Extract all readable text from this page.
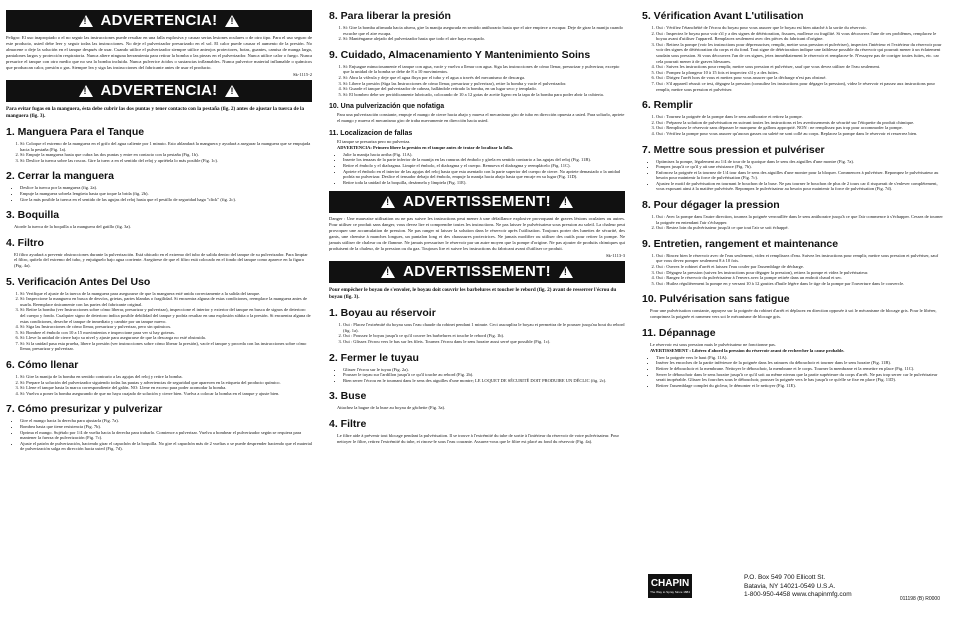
!
ADVERTENCIA!
!

Peligro: El uso inapropiado o el no seguir las instrucciones puede resultar en una falla explosiva y causar serias lesiones oculares o de otro tipo. Para el uso seguro de este producto, usted debe leer y seguir todas las instrucciones. No deje el pulverizador presurizado en el sol. El calor puede causar el aumento de la presión. No almacene o deje la solución en el tanque después de usar. Cuando utilice el pulverizador siempre utilice anteojos protectores, botas, guantes, camisa de manga larga, pantalones largos y protección respiratoria. Nunca altere ninguna herramienta para retirar la bomba o las piezas en el pulverizador. Nunca utilice calor o fuego. Nunca presurice el tanque con otro medio que no sea la bomba incluida. Nunca pulverice ácidos o sustancias inflamables. Nunca pulverice material inflamable o químicos que produzcan calor, presión o gas. Siempre lea y siga las instrucciones del fabricante antes de usar el producto.

Sk-1115-2
!
ADVERTENCIA!
!

Para evitar fugas en la manguera, ésta debe cubrir las dos puntas y tener contacto con la pestaña (fig. 2) antes de ajustar la tuerca de la manguera (fig. 3).

1. Manguera Para el Tanque
1. Sí: Coloque el extremo de la manguera en el grifo del agua caliente por 1 minuto. Esto ablandará la manguera y ayudará a asegurar la manguera que se empujada hacia la pestaña (Fig. 1a).
2. Sí: Empuje la manguera hasta que cubra las dos puntas y entre en contacto con la pestaña (Fig. 1b).
3. Sí: Deslice la tuerca sobre las roscas. Gire la tuerc a en el sentido del reloj y apriétela lo más posible (Fig. 1c).
2. Cerrar la manguera
• Deslice la tuerca por la manguera (fig. 2a).
• Empuje la manguera sobrela lengüeta hasta que toque la brida (fig. 2b).
• Gire la más posible la tuerca en el sentido de las agujas del reloj hasta que el pestillo de seguridad haga "click" (fig. 2c).
3. Boquilla

Atorde la tuerca de la boquilla a la manguera del gatillo (fig. 3a).

4. Filtro

El filtro ayudará a prevenir obstrucciones durante la pulverización. Está ubicado en el extremo del tubo de salida dentro del tanque de su pulverizador. Para limpiar el filtro, quítelo del extremo del tubo, y enjuáguelo bajo agua corriente. Asegúrese de que el filtro está colocado en el fondo del tanque como aparece en la figura (Fig. 4a).

5. Verificación Antes Del Uso
1. Sí: Verifique el ajuste de la tuerca de la manguera para asegurarse de que la manguera esté unida correctamente a la salida del tanque.
2. Sí: Inspeccione la manguera en busca de desvíos, grietas, partes blandas o fragilidad. Si encuentra alguna de estas condiciones, reemplace la manguera antes de usarla. Reemplace únicamente con las partes del fabricante original.
3. Sí: Retire la bomba (ver Instrucciones sobre cómo liberar, presurizar y pulverizar), inspeccione el interior y exterior del tanque en busca de signos de deterioro del cuerpo y fondo. Cualquier signo de deterioro indica posible debilidad del tanque y podría resultar en una explosión súbita o la presión. Si encuentra alguna de estas condiciones, deseche el tanque de inmediato y cambie por un tanque nuevo.
4. Sí: Siga las Instrucciones de cómo llenar, presurizar y pulverizar, pero sin químicos.
5. Sí: Bombee el émbolo con 10 a 15 movimientos e inspeccione para ver si hay goteras.
6. Sí: Lleve la unidad de cierre bajo su nivel y ajuste para asegurarse de que la descarga no esté obstruida.
7. Sí: Si la unidad pasa esta prueba, libere la presión (ver instrucciones sobre cómo liberar la presión), vacíe el tanque y proceda con las instrucciones sobre cómo llenar, presurizar y pulverizar.
6. Cómo llenar
1. Sí: Gire la manija de la bomba en sentido contrario a las agujas del reloj y retire la bomba.
2. Sí: Prepare la solución del pulverizador siguiendo todas las pautas y advertencias de seguridad que aparecen en la etiqueta del producto químico.
3. Sí: Llene el tanque hasta la marca correspondiente del galón. NO: Llene en exceso para poder acomodar la bomba.
4. Sí: Vuelva a poner la bomba asegurando de que no haya cuajado de solución y cierre bien. Vuelva a colocar la bomba en el tanque y ajuste bien.
7. Cómo presurizar y pulverizar
• Gire el mango hacia la derecha para ajustarla (Fig. 7a).
• Bombea hasta que tiene resistencia (Fig. 7b).
• Oprima el mango. Sujétalo por 1/4 de vuelta hacia la derecha para trabarlo. Comience a pulverizar. Vuelva a bombear el pulverizador según se requiera para mantener la fuerza de pulverización (Fig. 7c).
• Ajuste el patrón de pulverización, haciendo girar el capuchón de la boquilla. No gire el capuchón más de 2 vueltas o se puede desprender haciendo que el material de pulverización salga en dirección hacia usted (Fig. 7d).
8. Para liberar la presión
1. Sí: Gire la bomba afirmada hacia afuera, gire la manija asegurada en sentido antihorario hasta que el aire empiece a escapar. Deje de girar la manija cuando escuche que el aire escapa.
2. Sí: Manténgame alejado del pulverizador hasta que todo el aire haya escapado.
9. Cuidado, Almacenamiento Y Mantenimiento Soins
1. Sí: Enjuague minuciosamente el tanque con agua, vacíe y vuelva a llenar con agua. Siga las instrucciones de cómo llenar, presurizar y pulverizar, excepto que la unidad de la bomba se debe de 8 a 10 movimientos.
2. Sí: Abra la válvula y deje que el agua fluya por el tubo y el agua a través del mecanismo de descarga.
3. Sí: Libere la presión (Siga las Instrucciones de cómo llenar, presurizar y pulverizar), retire la bomba y vacíe el pulverizador.
4. Sí: Guarde el tanque del pulverizador de cabeza, hallándole retirado la bomba, en un lugar seco y templado.
5. Sí: El bombeo debe ser periódicamente lubricado, colocando de 10 a 12 gotas de aceite ligero en la tapa de la bomba para poder abrir la cubierta.
10. Una pulverización que nofatiga

Para una pulverización constante, empuje el mango de cierre hacia abajo y mueva el mecanismo giro de tubo en dirección opuesta a usted. Para soltarlo, apriete el mango y mueva el mecanismo giro de traba nuevamente en dirección hacia usted.

11. Localizacion de fallas

El tanque se presuriza pero no pulveriza.

ADVERTENCIA: Primero libere la presión en el tanque antes de tratar de localizar la falla.

• Julie la manija hacia arriba (Fig. 11A).
• Inserte los tenazas de la parte inferior de la manija en las ranuras del émbolo y gírela en sentido contrario a las agujas del reloj (Fig. 11B).
• Retire el émbolo y el diafragma. Limpie el émbolo, el diafragma y el cuerpo. Remueva el diafragma y reemplácelo (Fig. 11C).
• Apriete el émbolo en el interior de las agujas del reloj hasta que esta asentado con la parte superior del cuerpo de cierre. No apriete demasiado o la unidad podría no pulverizar. Deslice el tensador debajo del émbolo, empuje la manija hacia abajo hasta que encaje en su lugar (Fig. 11D).
• Retire toda la unidad de la boquilla, desármela y límpiela (Fig. 11E).
!
ADVERTISSEMENT!
!

Danger : Une mauvaise utilisation ou ne pas suivre les instructions peut mener à une défaillance explosive provoquant de graves lésions oculaires ou autres. Pour utiliser ce produit sans danger, vous devez lire et comprendre toutes les instructions. Ne pas laisser le pulvérisateur sous pression au soleil. La chaleur peut provoquer une accumulation de pression. Ne pas ranger ni laisser la solution dans le réservoir après l'utilisation. Toujours porter des lunettes de sécurité, des gants, une chemise à manches longues, un pantalon long et des chaussures protectrices. Ne jamais modifier ou utiliser des outils pour retirer la pompe. Ne jamais utiliser de chaleur ou de flamme. Ne jamais pressuriser le réservoir par un autre moyen que la pompe d'origine. Ne pas ajouter de produits chimiques qui produisent de la chaleur, de la pression ou du gaz. Toujours lire et suivre les instructions du fabricant avant d'utiliser ce produit.

Sk-1113-3
!
ADVERTISSEMENT!
!

Pour empêcher le boyau de s'envoler, le boyau doit couvrir les barbelures et toucher le rebord (fig. 2) avant de resserrer l'écrou du boyau (fig. 3).

1. Boyau au réservoir
1. Oui : Placez l'extrémité du boyau sous l'eau chaude du robinet pendant 1 minute. Ceci assouplira le boyau et permettra de le pousser jusqu'au bout du rebord (fig. 1a).
2. Oui : Poussez le boyau jusqu'à ce qu'il couvre les barbelures et touche le rebord (Fig. 1b).
3. Oui : Glissez l'écrou vers le bas sur les filets. Tournez l'écrou dans le sens horaire aussi serré que possible (Fig. 1c).
2. Fermer le tuyau
• Glisser l'écrou sur le tuyau (Fig. 2a).
• Pousser le tuyau sur l'ardillon jusqu'à ce qu'il touche au rebord (Fig. 2b).
• Bien serrer l'écrou en le tournant dans le sens des aiguilles d'une montre; LE LOQUET DE SÉCURITÉ DOIT PRODUIRE UN DÉCLIC (fig. 2c).
3. Buse

Attachez la bague de la buse au boyau de gâchette (Fig. 3a).

4. Filtre

Le filtre aide à prévenir tout blocage pendant la pulvérisation. Il se trouve à l'extrémité du tube de sortie à l'intérieur du réservoir de votre pulvérisateur. Pour nettoyer le filtre, retirez l'extrémité du tube, et rincez-le sous l'eau courante. Assurez-vous que le filtre est placé au fond du réservoir (Fig. 4a).

5. Vérification Avant L'utilisation
1. Oui : Vérifiez l'étanchéité de l'écrou du boyau pour vous assurer que le boyau est bien attaché à la sortie du réservoir.
2. Oui : Inspectez le boyau pour voir s'il y a des signes de détérioration, fissures, mollesse ou fragilité. Si vous découvrez l'une de ces problèmes, remplacez le boyau avant d'utiliser l'appareil. Remplacez seulement avec des pièces du fabricant d'origine.
3. Oui : Retirez la pompe (voir les instructions pour dépressuriser, remplir, mettre sous pression et pulvériser), inspectez l'intérieur et l'extérieur du réservoir pour voir des signes de détérioration du corps et du fond. Tout signe de détérioration indique une faiblesse possible du réservoir qui pourrait mener à un éclatement soudain sous pression. Si vous découvrez l'un de ces signes, jetez immédiatement le réservoir et remplacez-le. N'essayez pas de corriger toutes fuites, etc. car cela pourrait mener à de graves blessures.
4. Oui : Suivez les instructions pour remplir, mettre sous pression et pulvériser, sauf que vous devez utiliser de l'eau seulement.
5. Oui : Pompez la plongeur 10 à 15 fois et inspectez s'il y a des fuites.
6. Oui : Dirigez l'arrêt hors de vous et mettez pour vous assurer que la décharge n'est pas obstrué.
7. Oui : S'il appareil réussit ce test, dégagez la pression (consultez les instructions pour dégager la pression), videz le réservoir et passez aux instructions pour remplir, mettre sous pression et pulvériser.
6. Remplir
1. Oui : Tournez la poignée de la pompe dans le sens antihoraire et retirez la pompe.
2. Oui : Préparez la solution de pulvérisation en suivant toutes les instructions et les avertissements de sécurité sur l'étiquette du produit chimique.
3. Oui : Remplissez le réservoir sans dépasser le marqueur de gallons approprié. NON : ne remplissez pas trop pour accommoder la pompe.
4. Oui : Vérifiez la pompe pour vous assurer qu'aucun gasses ou saleté ne sont collé au corps. Replacez la pompe dans le réservoir et resserrez bien.
7. Mettre sous pression et pulvériser
• Optimisez la pompe, légalement au 1/4 de tour de la quoique dans le sens des aiguilles d'une montre (Fig. 7a).
• Pompez jusqu'à ce qu'il y ait une résistance (Fig. 7b).
• Enfoncez la poignée et la tournez de 1/4 tour dans le sens des aiguilles d'une montre pour la bloquer. Commencez à pulvériser. Repompez le pulvérisateur au besoin pour maintenir la force de pulvérisation (Fig. 7c).
• Ajustez le motif de pulvérisation en tournant le bouchon de la buse. Ne pas tourner le bouchon de plus de 2 tours car il risquerait de s'enlever complètement, vous exposant ainsi à la matière pulvérisée. Repompez le pulvérisateur au besoin pour maintenir la force de pulvérisation (Fig. 7d).
8. Pour dégager la pression
1. Oui : Avec la pompe dans l'autre direction, tournez la poignée verrouillée dans le sens antihoraire jusqu'à ce que l'air commence à s'échapper. Cessez de tourner la poignée en entendant l'air s'échapper.
2. Oui : Restez loin du pulvérisateur jusqu'à ce que tout l'air se soit échappé.
9. Entretien, rangement et maintenance
1. Oui : Rincez bien le réservoir avec de l'eau seulement, videz et remplissez d'eau. Suivez les instructions pour remplir, mettre sous pression et pulvériser, sauf que vous devez pomper seulement 8 à 10 fois.
2. Oui : Ouvrez le robinet d'arrêt et laissez l'eau couler par l'assemblage de décharge.
3. Oui : Dégagez la pression (suivez les instructions pour dégager la pression), retirez la pompe et videz le pulvérisateur.
4. Oui : Rangez le réservoir du pulvérisateur à l'envers avec la pompe retirée dans un endroit chaud et sec.
5. Oui : Huilez régulièrement la pompe en y versant 10 à 12 gouttes d'huile légère dans le tige de la pompe par l'ouverture dans le couvercle.
10. Pulvérisation sans fatigue

Pour une pulvérisation constante, appuyez sur la poignée du robinet d'arrêt et déplacez en direction opposée à soi le mécanisme de blocage gris. Pour le libérer, comprimez la poignée et ramenez vers soi le mécanisme de blocage gris.

11. Dépannage

Le réservoir est sous pression mais le pulvérisateur ne fonctionne pas.

AVERTISSEMENT : Libérez d'abord la pression du réservoir avant de rechercher la cause probable.

• Tirer la poignée vers le haut (Fig. 11A).
• Insérer les encoches de la partie inférieure de la poignée dans les rainures du débouchoir et tourner dans le sens horaire (Fig. 11B).
• Retirer le débouchoir et la membrane. Nettoyer le débouchoir, la membrane et le corps. Tourner la membrane et la remettre en place (Fig. 11C).
• Serrer le débouchoir dans le sens horaire jusqu'à ce qu'il soit au même niveau que la partie supérieure du corps d'arrêt. Ne pas trop serrer car le pulvérisateur serait inopérable. Glisser les fourches sous le débouchoir, pousser la poignée vers le bas jusqu'à ce qu'elle se fixe en place (Fig. 11D).
• Retirer l'assemblage complet du gicleur, le démonter et le nettoyer (Fig. 11E).
CHAPIN
The Way to Spray Since 1884
P.O. Box 549 700 Ellicott St.
Batavia, NY 14021-0549 U.S.A.
1-800-950-4458 www.chapinmfg.com
011198 (B) R0000
